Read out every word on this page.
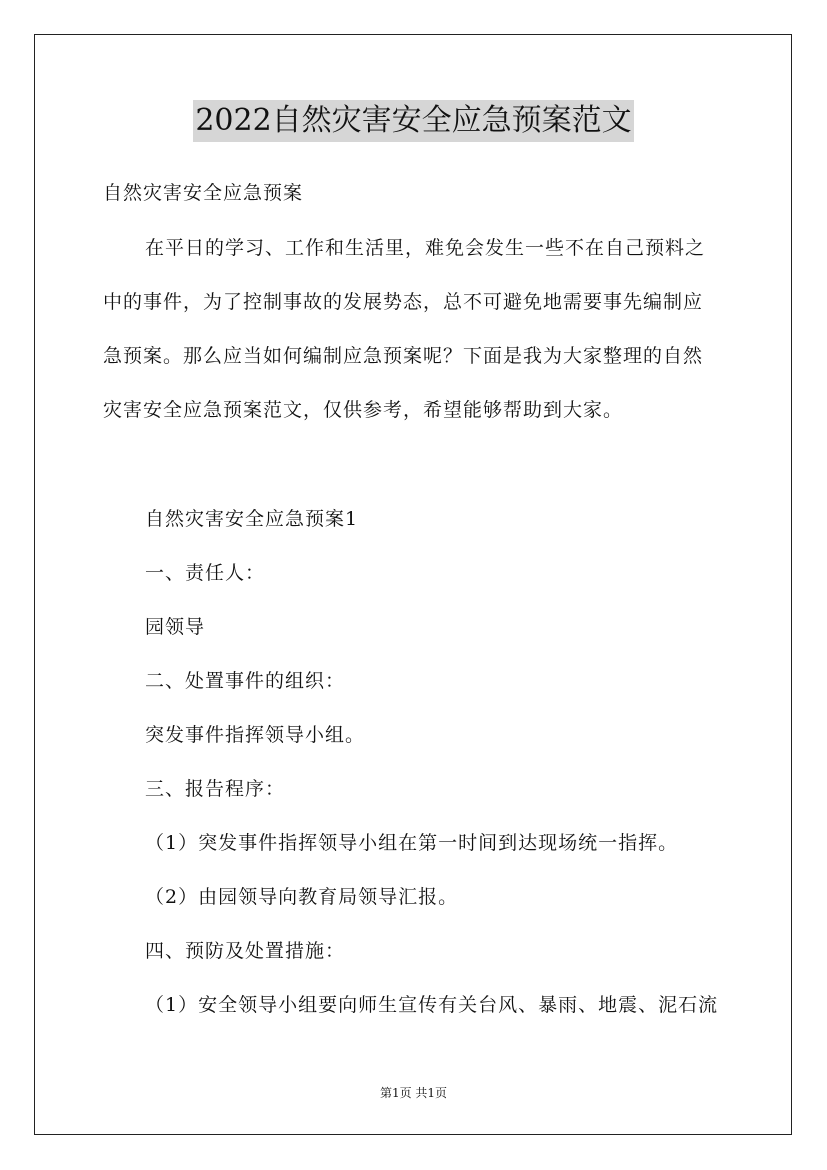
2022自然灾害安全应急预案范文
自然灾害安全应急预案
在平日的学习、工作和生活里，难免会发生一些不在自己预料之
中的事件，为了控制事故的发展势态，总不可避免地需要事先编制应
急预案。那么应当如何编制应急预案呢？下面是我为大家整理的自然
灾害安全应急预案范文，仅供参考，希望能够帮助到大家。
自然灾害安全应急预案1
一、责任人：
园领导
二、处置事件的组织：
突发事件指挥领导小组。
三、报告程序：
（1）突发事件指挥领导小组在第一时间到达现场统一指挥。
（2）由园领导向教育局领导汇报。
四、预防及处置措施：
（1）安全领导小组要向师生宣传有关台风、暴雨、地震、泥石流
第1页 共1页
